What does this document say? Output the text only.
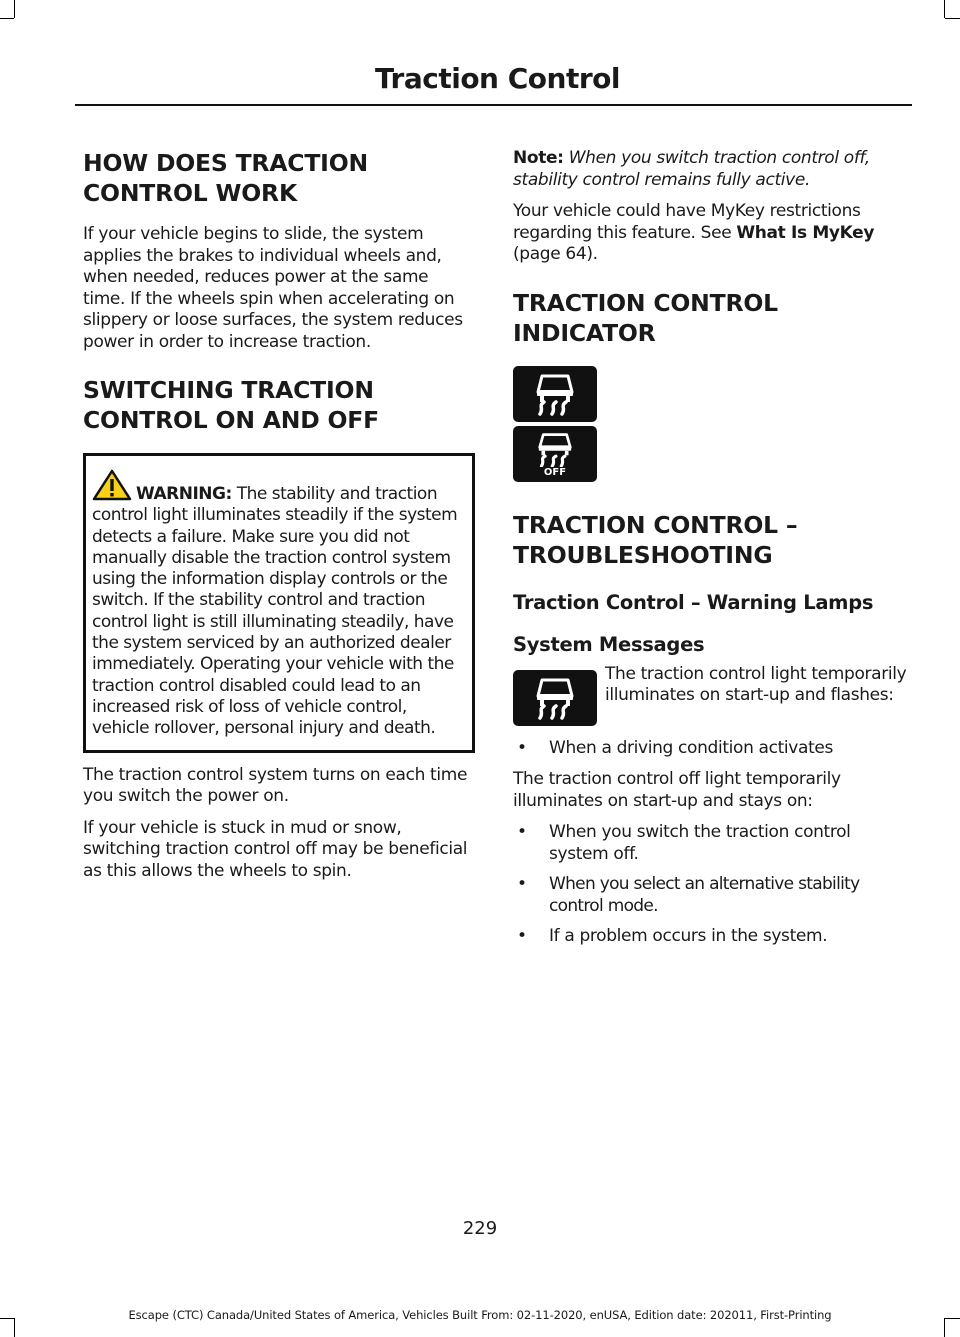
Traction Control
HOW DOES TRACTION CONTROL WORK

If your vehicle begins to slide, the system applies the brakes to individual wheels and, when needed, reduces power at the same time. If the wheels spin when accelerating on slippery or loose surfaces, the system reduces power in order to increase traction.

SWITCHING TRACTION CONTROL ON AND OFF

WARNING: The stability and traction control light illuminates steadily if the system detects a failure. Make sure you did not manually disable the traction control system using the information display controls or the switch. If the stability control and traction control light is still illuminating steadily, have the system serviced by an authorized dealer immediately. Operating your vehicle with the traction control disabled could lead to an increased risk of loss of vehicle control, vehicle rollover, personal injury and death.

The traction control system turns on each time you switch the power on.

If your vehicle is stuck in mud or snow, switching traction control off may be beneficial as this allows the wheels to spin.

Note: When you switch traction control off, stability control remains fully active.

Your vehicle could have MyKey restrictions regarding this feature. See What Is MyKey (page 64).

TRACTION CONTROL INDICATOR
OFF
TRACTION CONTROL – TROUBLESHOOTING
Traction Control – Warning Lamps
System Messages

The traction control light temporarily illuminates on start-up and flashes:

• When a driving condition activates

The traction control off light temporarily illuminates on start-up and stays on:

• When you switch the traction control system off.
• When you select an alternative stability control mode.
• If a problem occurs in the system.
229
Escape (CTC) Canada/United States of America, Vehicles Built From: 02-11-2020, enUSA, Edition date: 202011, First-Printing
